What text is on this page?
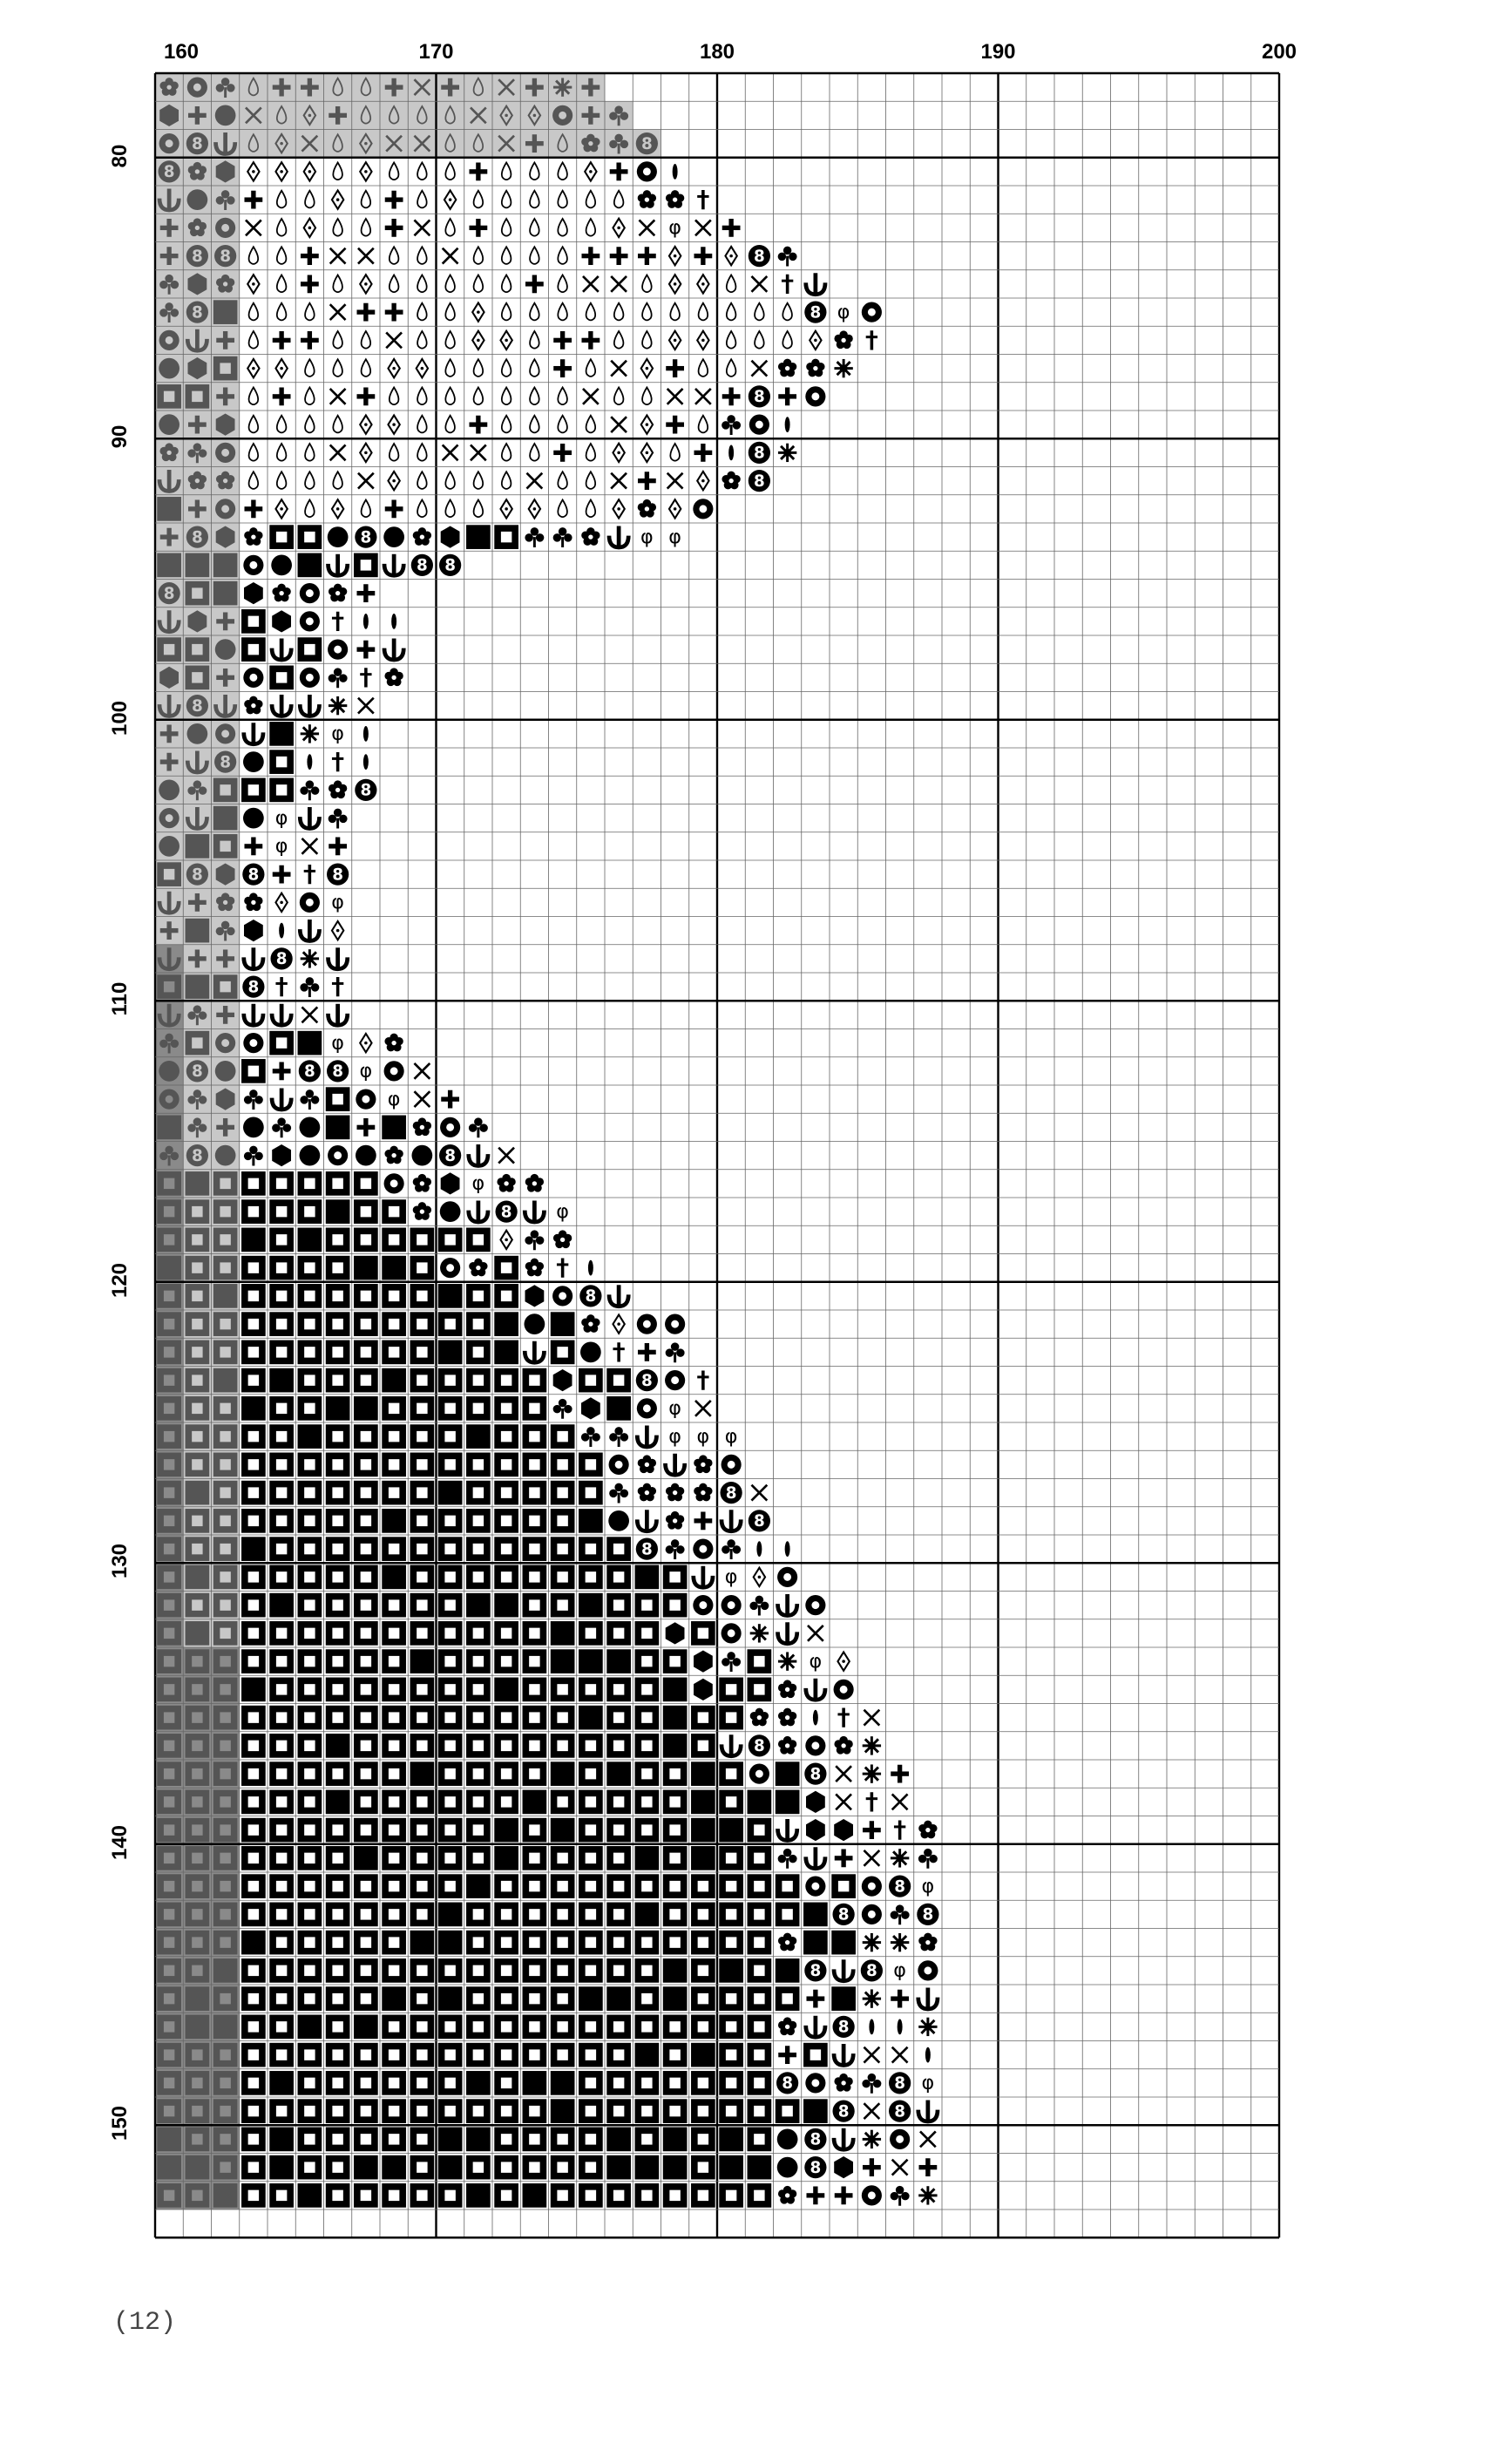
160	170	180	190	200
80
90
100
110
120
130
140
150
8	8
8
φ
8 8	8
8	8 φ
8
8
8
8	8	φ φ
8 8
8
8
φ
8
8
φ
φ
8	8	8
φ
8
8
φ
8	8 8 φ
φ
8	8
φ
8 φ
8
8
φ
φ φ φ
8
8
8
φ
φ
8
8
8 φ
8	8
8	8 φ
8
8	8 φ
8	8
8
8
(12)
